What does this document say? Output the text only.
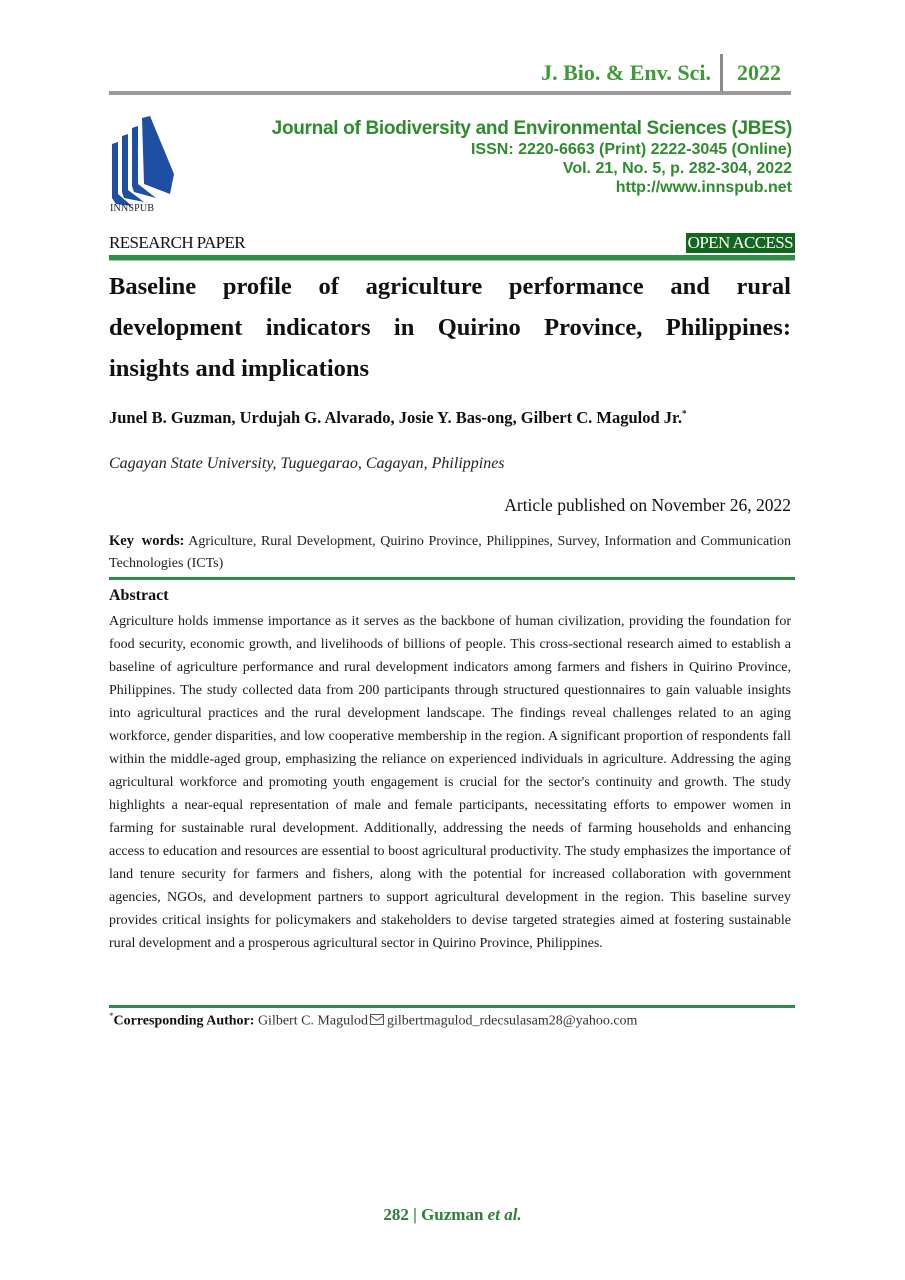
J. Bio. & Env. Sci. 2022
INNSPUB
Journal of Biodiversity and Environmental Sciences (JBES)
ISSN: 2220-6663 (Print) 2222-3045 (Online)
Vol. 21, No. 5, p. 282-304, 2022
http://www.innspub.net
RESEARCH PAPER	OPEN ACCESS
Baseline profile of agriculture performance and rural development indicators in Quirino Province, Philippines: insights and implications
Junel B. Guzman, Urdujah G. Alvarado, Josie Y. Bas-ong, Gilbert C. Magulod Jr.*
Cagayan State University, Tuguegarao, Cagayan, Philippines
Article published on November 26, 2022
Key words: Agriculture, Rural Development, Quirino Province, Philippines, Survey, Information and Communication Technologies (ICTs)
Abstract
Agriculture holds immense importance as it serves as the backbone of human civilization, providing the foundation for food security, economic growth, and livelihoods of billions of people. This cross-sectional research aimed to establish a baseline of agriculture performance and rural development indicators among farmers and fishers in Quirino Province, Philippines. The study collected data from 200 participants through structured questionnaires to gain valuable insights into agricultural practices and the rural development landscape. The findings reveal challenges related to an aging workforce, gender disparities, and low cooperative membership in the region. A significant proportion of respondents fall within the middle-aged group, emphasizing the reliance on experienced individuals in agriculture. Addressing the aging agricultural workforce and promoting youth engagement is crucial for the sector's continuity and growth. The study highlights a near-equal representation of male and female participants, necessitating efforts to empower women in farming for sustainable rural development. Additionally, addressing the needs of farming households and enhancing access to education and resources are essential to boost agricultural productivity. The study emphasizes the importance of land tenure security for farmers and fishers, along with the potential for increased collaboration with government agencies, NGOs, and development partners to support agricultural development in the region. This baseline survey provides critical insights for policymakers and stakeholders to devise targeted strategies aimed at fostering sustainable rural development and a prosperous agricultural sector in Quirino Province, Philippines.
*Corresponding Author: Gilbert C. Magulod gilbertmagulod_rdecsulasam28@yahoo.com
282 | Guzman et al.
